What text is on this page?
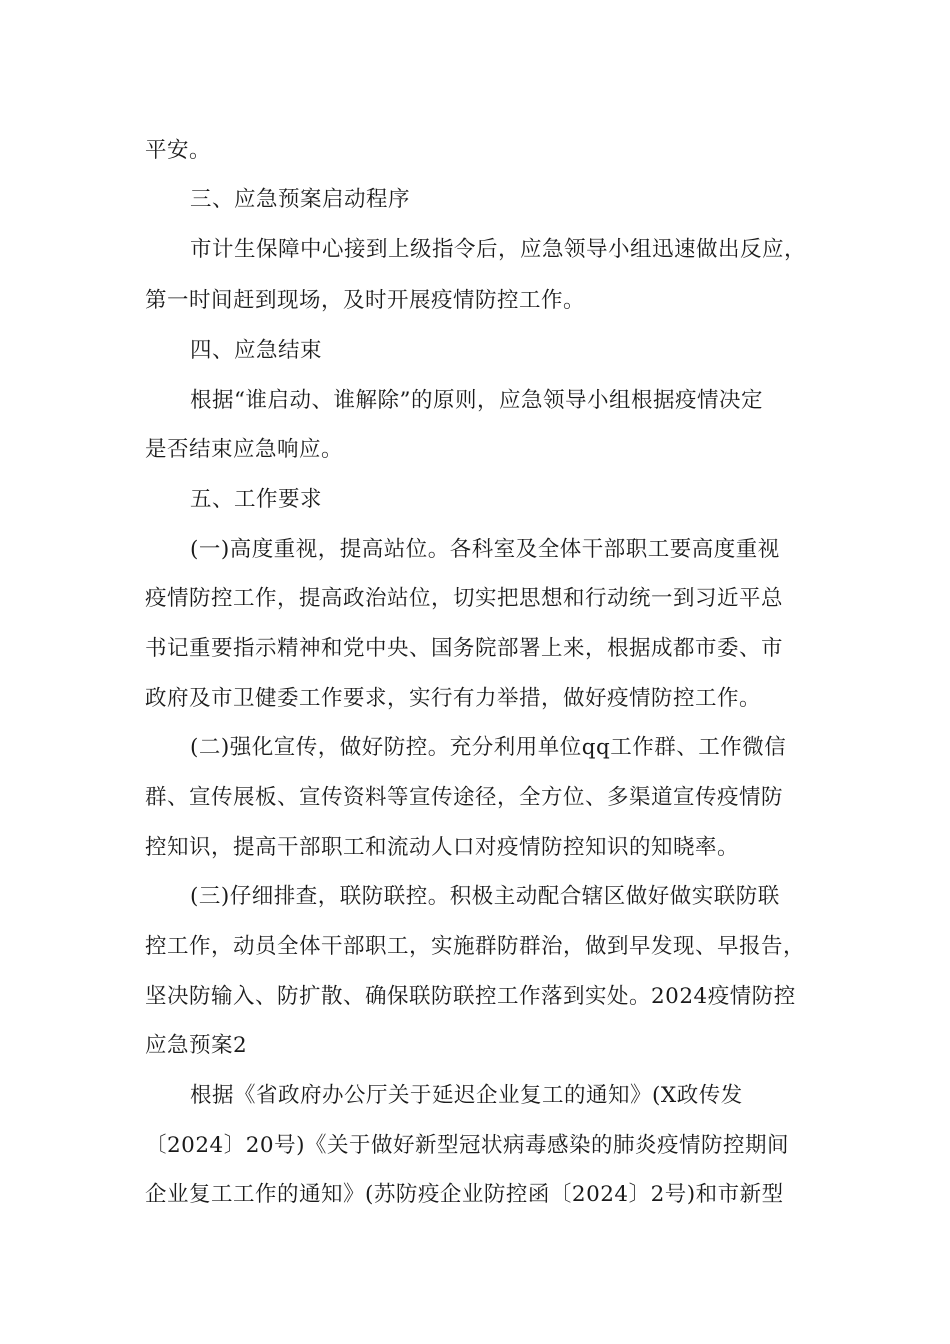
平安。
三、应急预案启动程序
市计生保障中心接到上级指令后，应急领导小组迅速做出反应，
第一时间赶到现场，及时开展疫情防控工作。
四、应急结束
根据“谁启动、谁解除”的原则，应急领导小组根据疫情决定
是否结束应急响应。
五、工作要求
(一)高度重视，提高站位。各科室及全体干部职工要高度重视
疫情防控工作，提高政治站位，切实把思想和行动统一到习近平总
书记重要指示精神和党中央、国务院部署上来，根据成都市委、市
政府及市卫健委工作要求，实行有力举措，做好疫情防控工作。
(二)强化宣传，做好防控。充分利用单位qq工作群、工作微信
群、宣传展板、宣传资料等宣传途径，全方位、多渠道宣传疫情防
控知识，提高干部职工和流动人口对疫情防控知识的知晓率。
(三)仔细排查，联防联控。积极主动配合辖区做好做实联防联
控工作，动员全体干部职工，实施群防群治，做到早发现、早报告，
坚决防输入、防扩散、确保联防联控工作落到实处。2024疫情防控
应急预案2
根据《省政府办公厅关于延迟企业复工的通知》(X政传发
〔2024〕20号)《关于做好新型冠状病毒感染的肺炎疫情防控期间
企业复工工作的通知》(苏防疫企业防控函〔2024〕2号)和市新型
